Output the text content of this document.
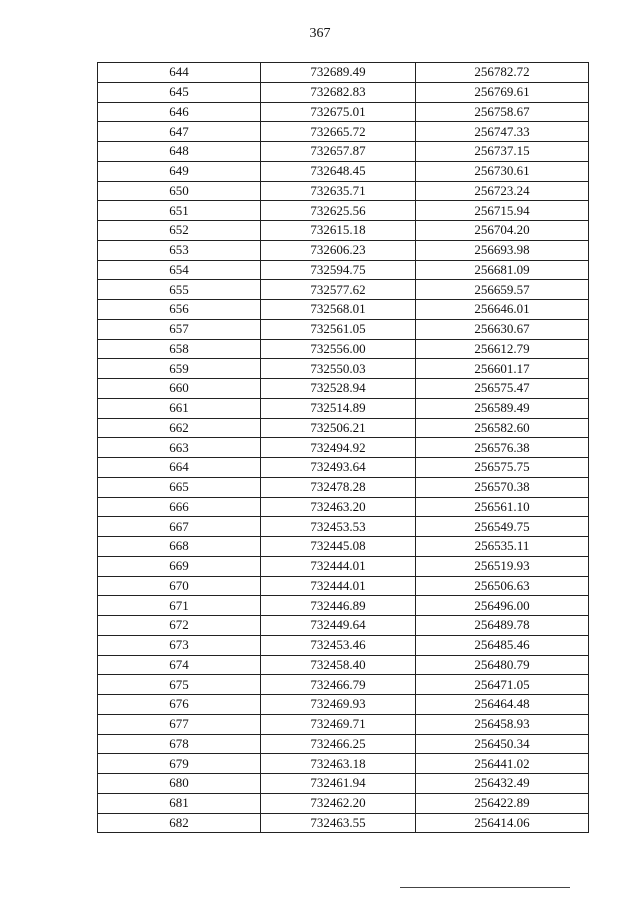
367
644	732689.49	256782.72
645	732682.83	256769.61
646	732675.01	256758.67
647	732665.72	256747.33
648	732657.87	256737.15
649	732648.45	256730.61
650	732635.71	256723.24
651	732625.56	256715.94
652	732615.18	256704.20
653	732606.23	256693.98
654	732594.75	256681.09
655	732577.62	256659.57
656	732568.01	256646.01
657	732561.05	256630.67
658	732556.00	256612.79
659	732550.03	256601.17
660	732528.94	256575.47
661	732514.89	256589.49
662	732506.21	256582.60
663	732494.92	256576.38
664	732493.64	256575.75
665	732478.28	256570.38
666	732463.20	256561.10
667	732453.53	256549.75
668	732445.08	256535.11
669	732444.01	256519.93
670	732444.01	256506.63
671	732446.89	256496.00
672	732449.64	256489.78
673	732453.46	256485.46
674	732458.40	256480.79
675	732466.79	256471.05
676	732469.93	256464.48
677	732469.71	256458.93
678	732466.25	256450.34
679	732463.18	256441.02
680	732461.94	256432.49
681	732462.20	256422.89
682	732463.55	256414.06
